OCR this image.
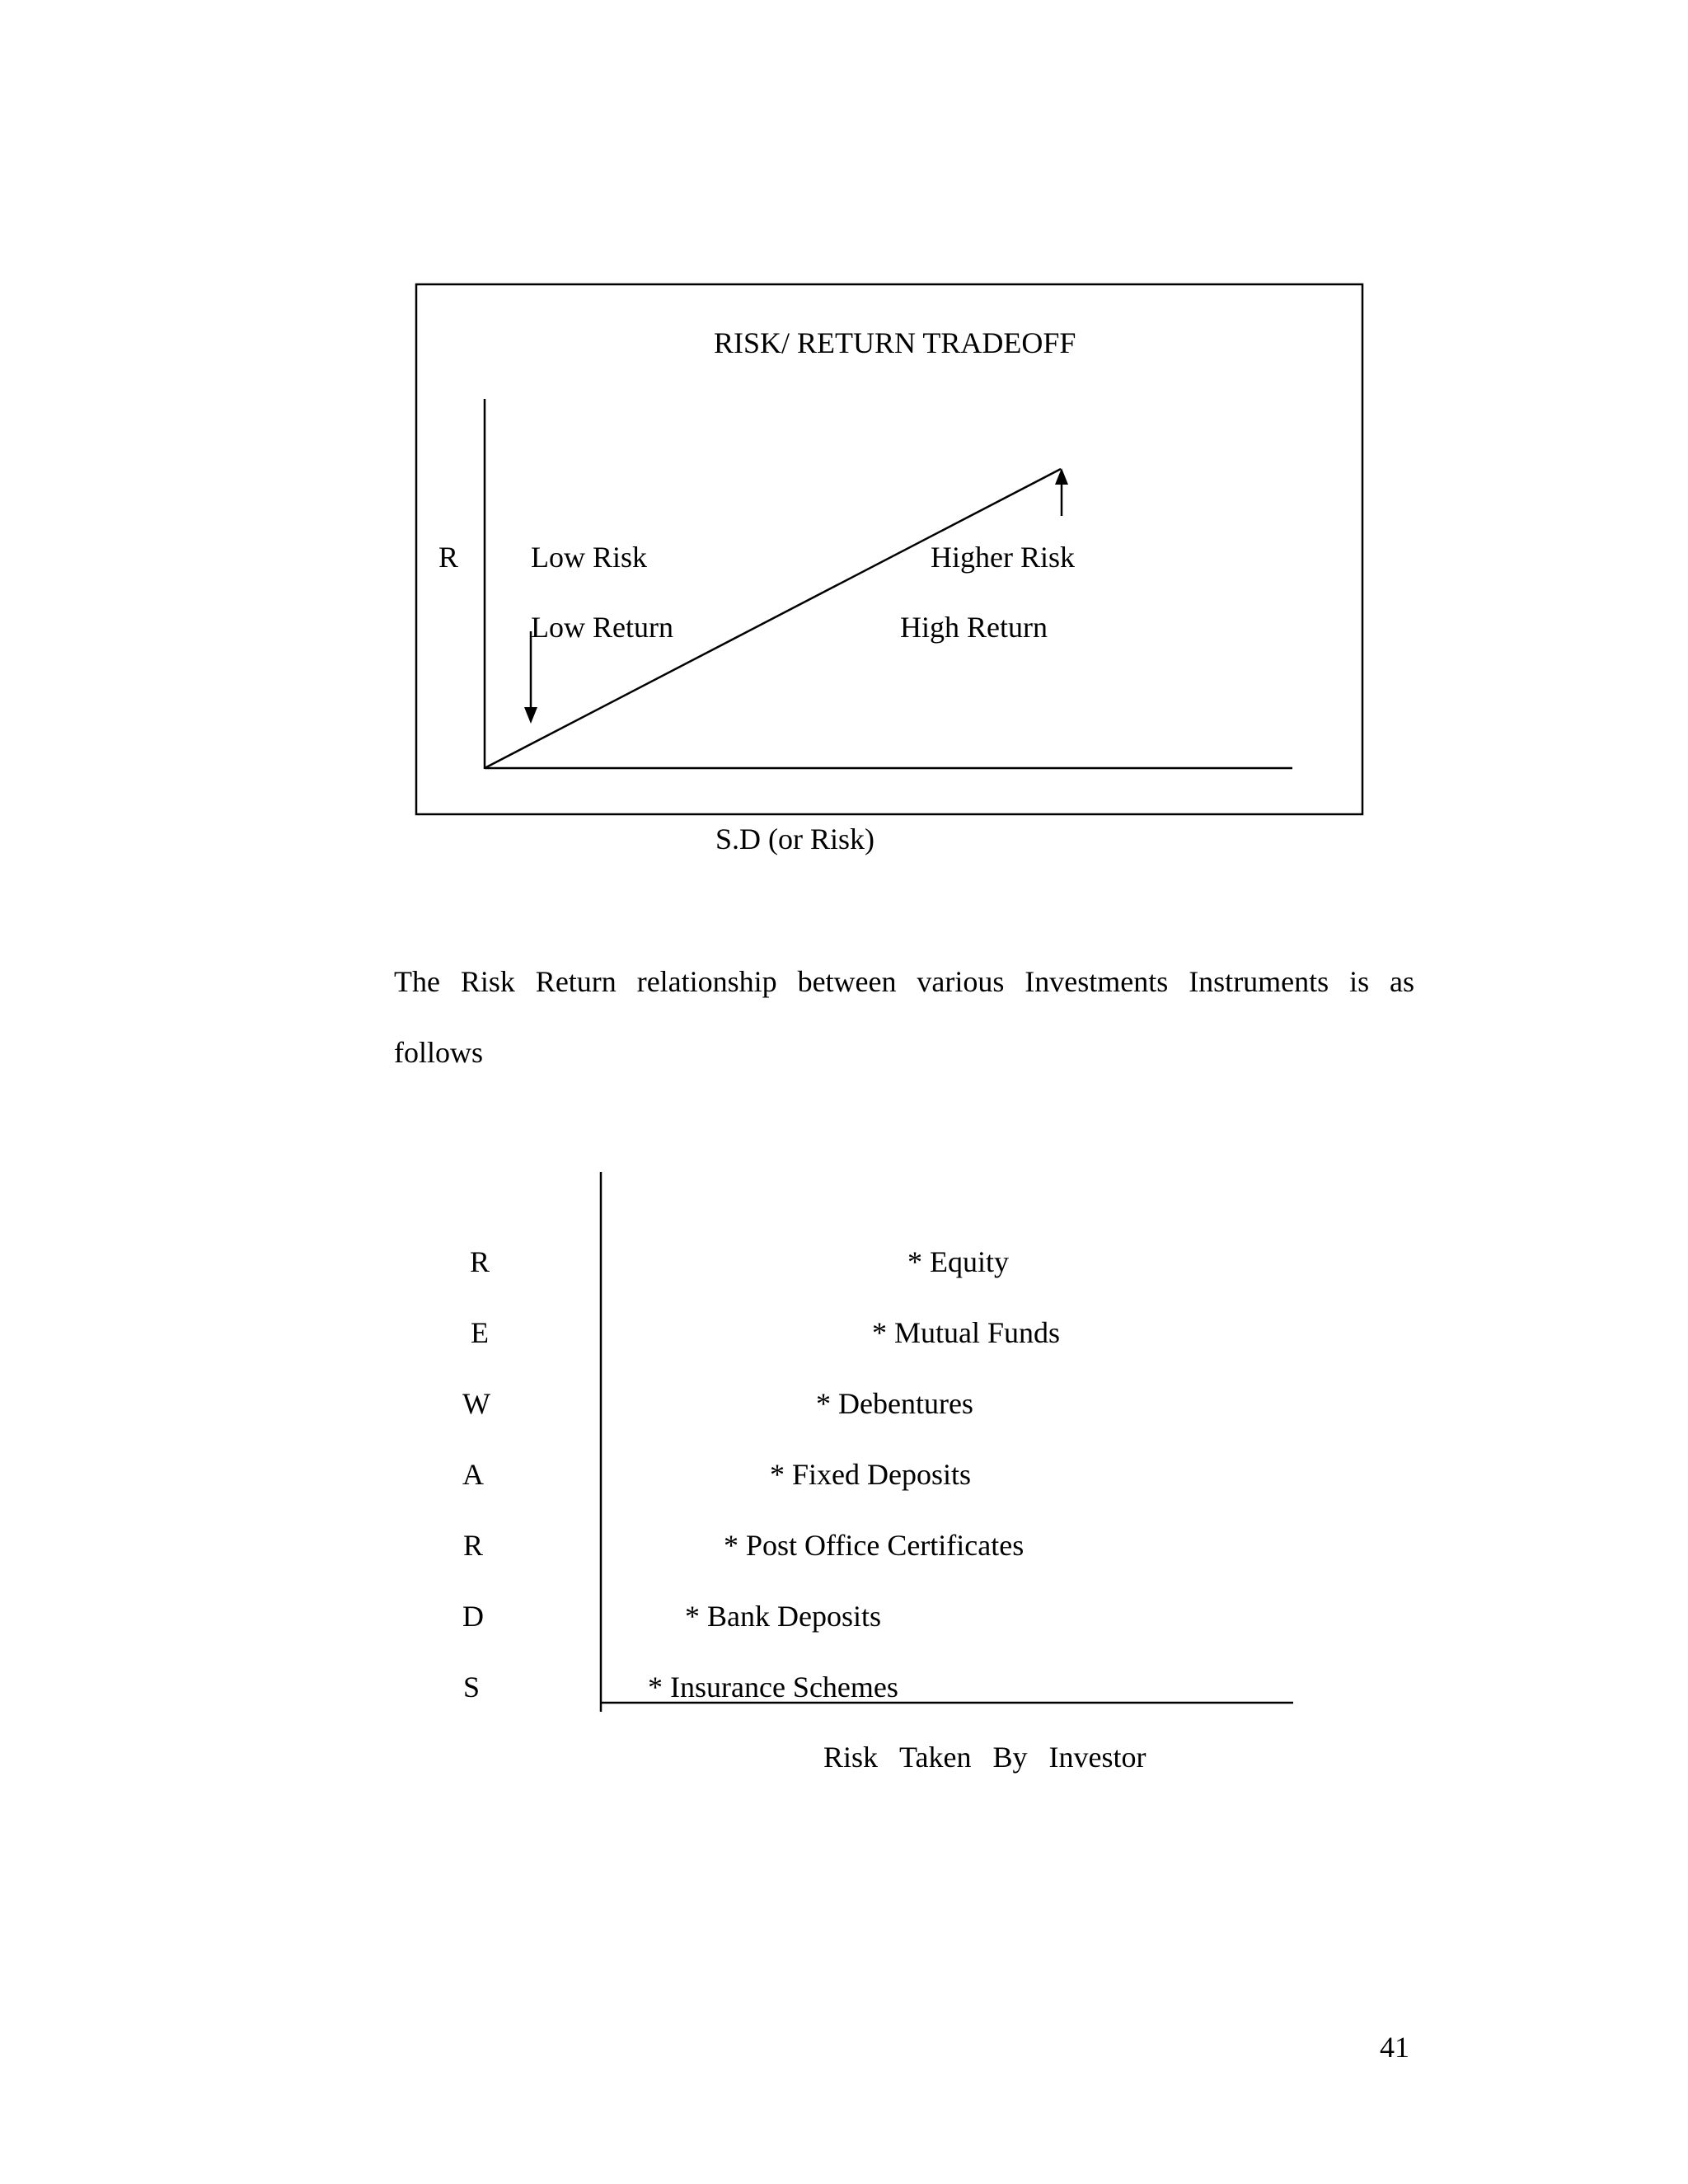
RISK/ RETURN TRADEOFF
R Low Risk	Higher Risk
Low Return	High Return
S.D (or Risk)
The Risk Return relationship between various Investments Instruments is as
follows
R
E
W
A
R
D
S
* Equity
* Mutual Funds
* Debentures
* Fixed Deposits
* Post Office Certificates
* Bank Deposits
* Insurance Schemes
Risk Taken By Investor
41
